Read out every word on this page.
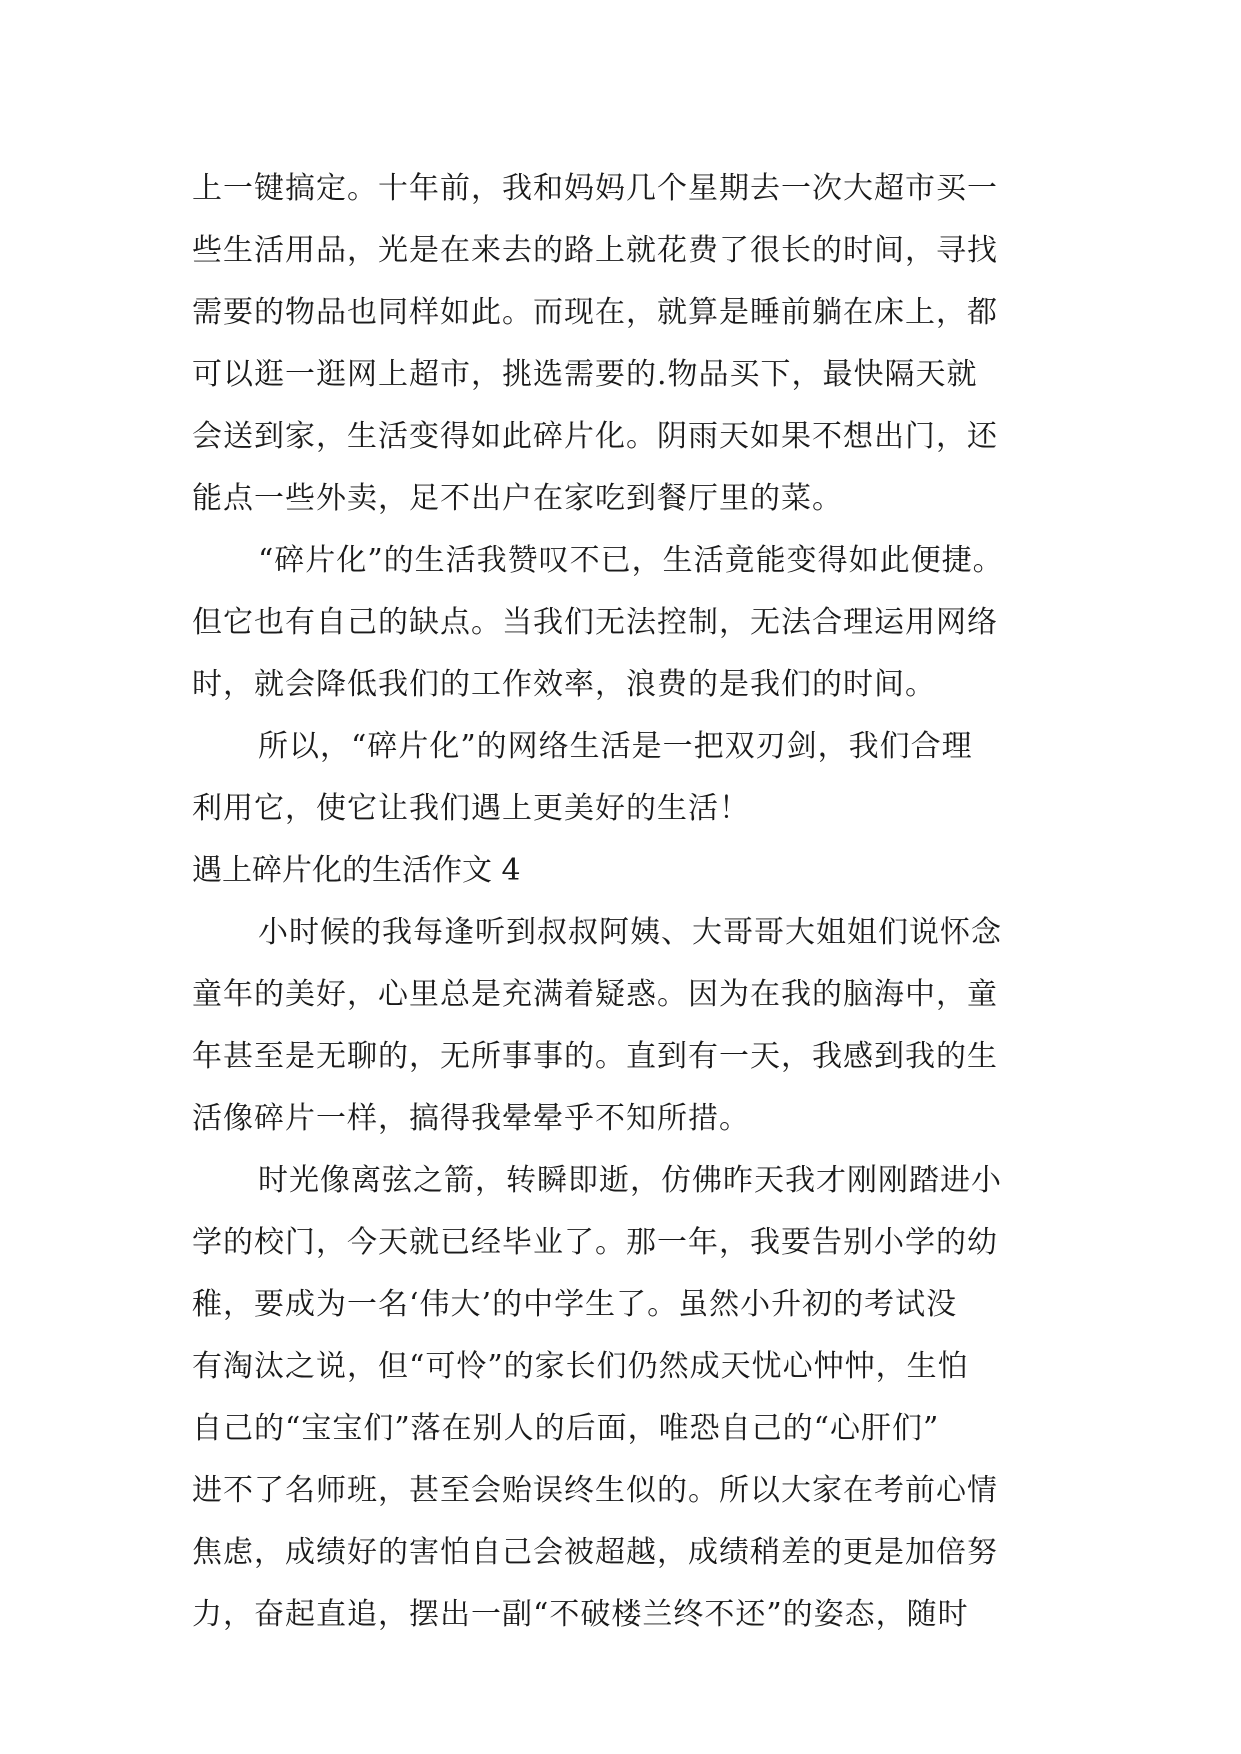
上一键搞定。十年前，我和妈妈几个星期去一次大超市买一
些生活用品，光是在来去的路上就花费了很长的时间，寻找
需要的物品也同样如此。而现在，就算是睡前躺在床上，都
可以逛一逛网上超市，挑选需要的.物品买下，最快隔天就
会送到家，生活变得如此碎片化。阴雨天如果不想出门，还
能点一些外卖，足不出户在家吃到餐厅里的菜。
“碎片化”的生活我赞叹不已，生活竟能变得如此便捷。
但它也有自己的缺点。当我们无法控制，无法合理运用网络
时，就会降低我们的工作效率，浪费的是我们的时间。
所以，“碎片化”的网络生活是一把双刃剑，我们合理
利用它，使它让我们遇上更美好的生活！
遇上碎片化的生活作文 4
小时候的我每逢听到叔叔阿姨、大哥哥大姐姐们说怀念
童年的美好，心里总是充满着疑惑。因为在我的脑海中，童
年甚至是无聊的，无所事事的。直到有一天，我感到我的生
活像碎片一样，搞得我晕晕乎不知所措。
时光像离弦之箭，转瞬即逝，仿佛昨天我才刚刚踏进小
学的校门，今天就已经毕业了。那一年，我要告别小学的幼
稚，要成为一名‘伟大’的中学生了。虽然小升初的考试没
有淘汰之说，但“可怜”的家长们仍然成天忧心忡忡，生怕
自己的“宝宝们”落在别人的后面，唯恐自己的“心肝们”
进不了名师班，甚至会贻误终生似的。所以大家在考前心情
焦虑，成绩好的害怕自己会被超越，成绩稍差的更是加倍努
力，奋起直追，摆出一副“不破楼兰终不还”的姿态，随时
